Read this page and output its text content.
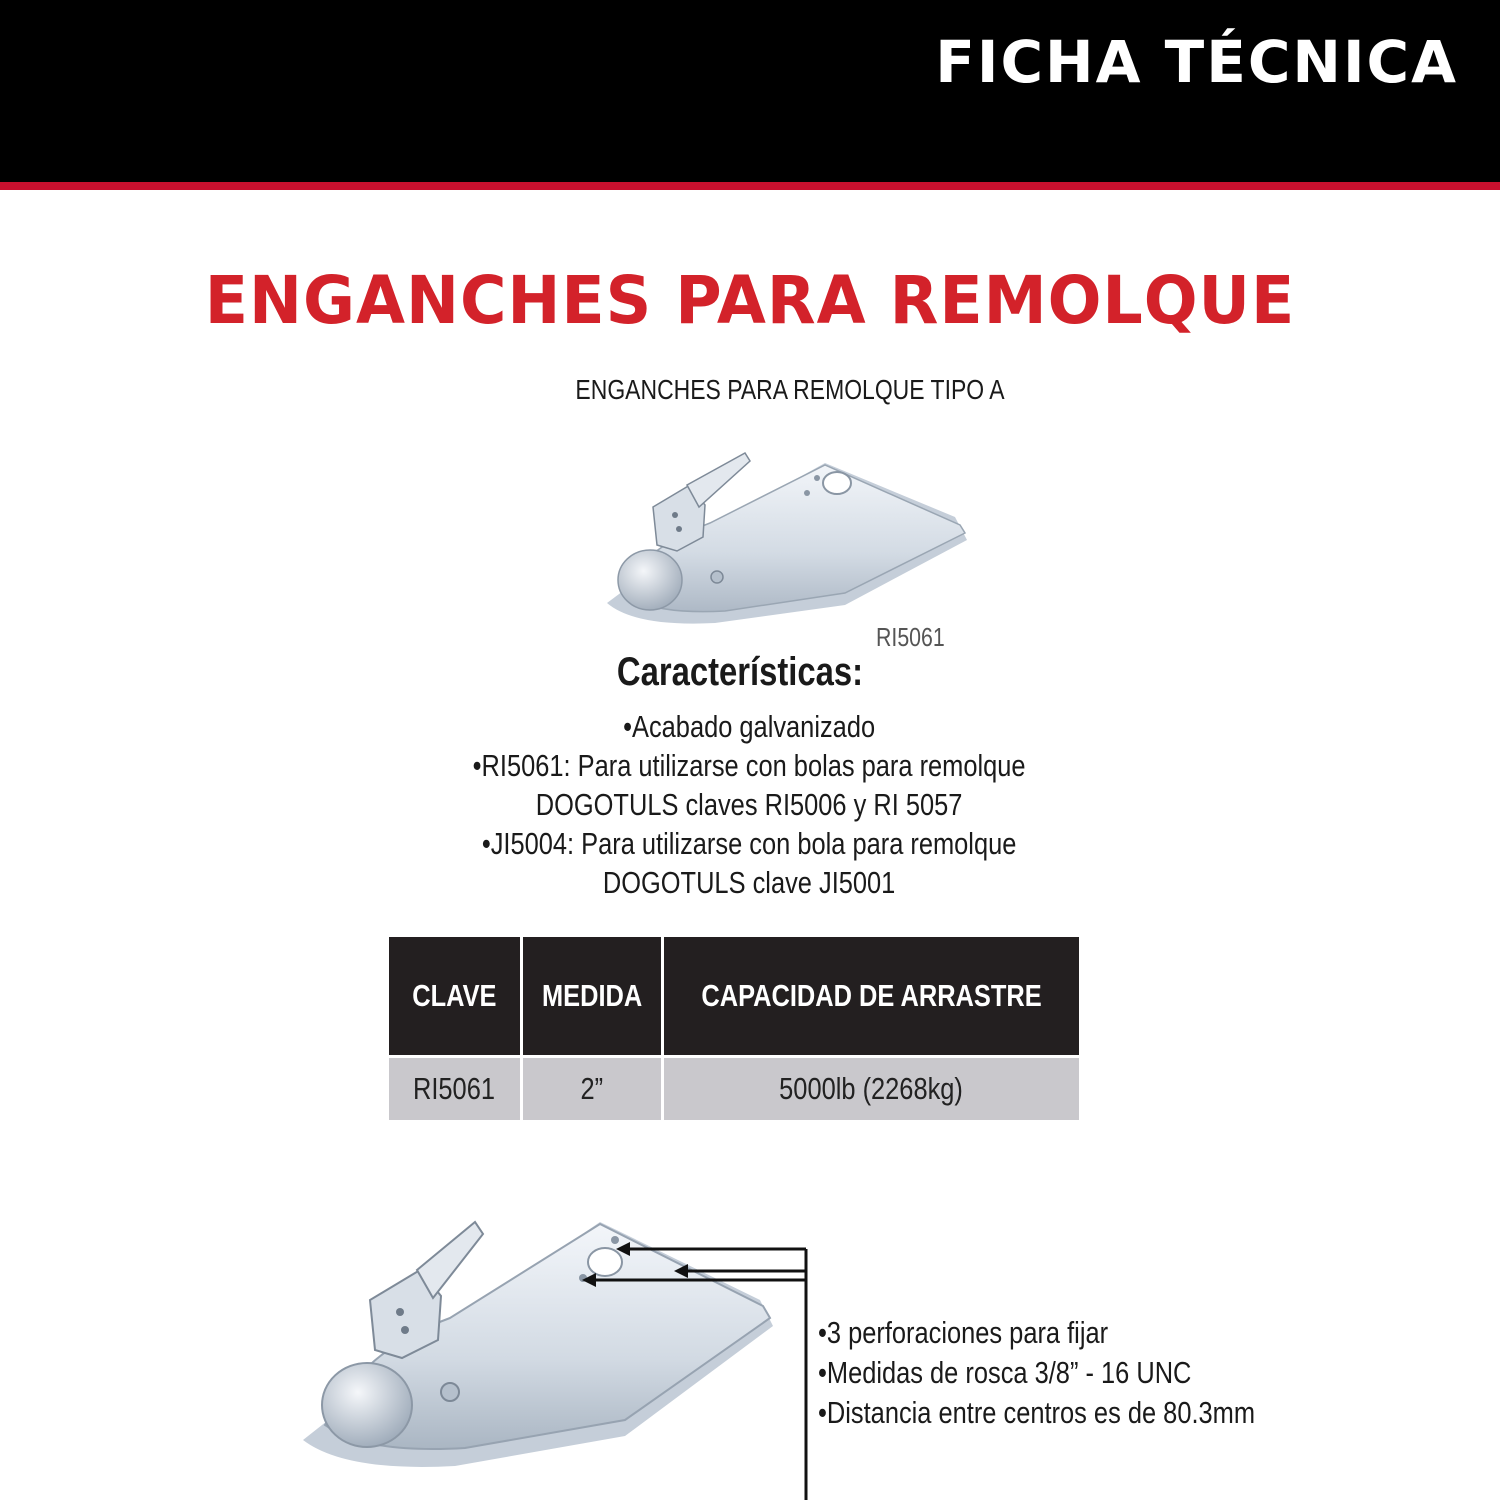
FICHA TÉCNICA
ENGANCHES PARA REMOLQUE
ENGANCHES PARA REMOLQUE TIPO A
RI5061
Características:
•Acabado galvanizado
•RI5061: Para utilizarse con bolas para remolque
DOGOTULS claves RI5006 y RI 5057
•JI5004: Para utilizarse con bola para remolque
DOGOTULS clave JI5001
CLAVE	MEDIDA	CAPACIDAD DE ARRASTRE
RI5061	2”	5000lb (2268kg)
•3 perforaciones para fijar
•Medidas de rosca 3/8” - 16 UNC
•Distancia entre centros es de 80.3mm
